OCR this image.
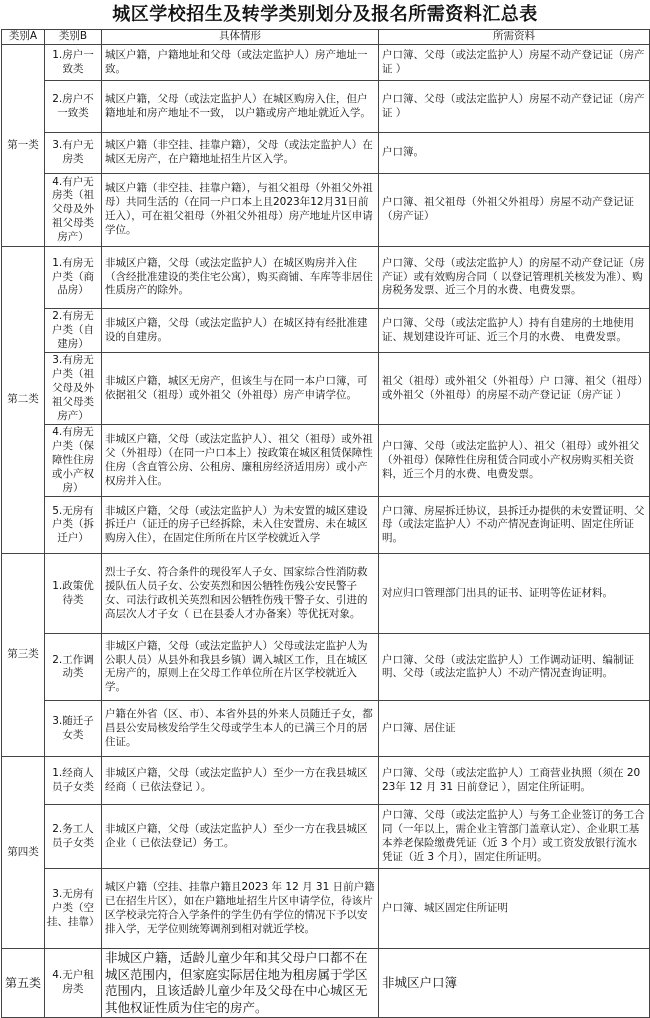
城区学校招生及转学类别划分及报名所需资料汇总表
类别A	类别B	具体情形	所需资料
第一类	1.房户一致类	城区户籍，户籍地址和父母（或法定监护人）房产地址一致。	户口簿、父母（或法定监护人）房屋不动产登记证（房产证 ）
	2.房户不一致类	城区户籍，父母（或法定监护人）在城区购房入住，但户籍地址和房产地址不一致， 以户籍或房产地址就近入学。	户口簿、父母（或法定监护人）房屋不动产登记证（房产证 ）
	3.有户无房类	城区户籍（非空挂、挂靠户籍），父母（或法定监护人）在城区无房产，在户籍地址招生片区入学。	户口簿。
	4.有户无房类（祖父母及外祖父母类房产）	城区户籍（非空挂、挂靠户籍），与祖父祖母（外祖父外祖母）共同生活的（在同一户口本上且2023年12月31日前迁入），可在祖父祖母（外祖父外祖母）房产地址片区申请学位。	户口簿、祖父祖母（外祖父外祖母）房屋不动产登记证（房产证）
第二类	1.有房无户类（商品房）	非城区户籍，父母（或法定监护人）在城区购房并入住（含经批准建设的类住宅公寓），购买商铺、车库等非居住性质房产的除外。	户口簿、父母（或法定监护人）的房屋不动产登记证（房产证）或有效购房合同（ 以登记管理机关核发为准）、购房税务发票、近三个月的水费、电费发票。
	2.有房无户类（自建房）	非城区户籍，父母（或法定监护人）在城区持有经批准建设的自建房。	户口簿、父母（或法定监护人）持有自建房的土地使用证、规划建设许可证、近三个月的水费、 电费发票。
	3.有房无户类（祖父母及外祖父母类房产）	非城区户籍，城区无房产，但该生与在同一本户口簿，可依据祖父（祖母）或外祖父（外祖母）房产申请学位。	祖父（祖母）或外祖父（外祖母）户 口簿、祖父（祖母）或外祖父（外祖母）的房屋不动产登记证（房产证 ）
	4.有房无户类（保障性住房或小产权房）	非城区户籍，父母（或法定监护人）、祖父（祖母）或外祖父（外祖母）（在同一户口本上）按政策在城区租赁保障性住房（含直管公房、公租房、廉租房经济适用房）或小产权房并入住。	户口簿、父母（或法定监护人）、祖父（祖母）或外祖父（外祖母）保障性住房租赁合同或小产权房购买相关资料，近三个月的水费、电费发票。
	5.无房有户类（拆迁户）	非城区户籍，父母（或法定监护人）为未安置的城区建设拆迁户（证迁的房子已经拆除，未入住安置房、未在城区购房入住），在固定住所所在片区学校就近入学	户口簿、房屋拆迁协议，县拆迁办提供的未安置证明、父母（或法定监护人）不动产情况查询证明、固定住所证明。
第三类	1.政策优待类	烈士子女、符合条件的现役军人子女、国家综合性消防救援队伍人员子女、公安英烈和因公牺牲伤残公安民警子女、司法行政机关英烈和因公牺牲伤残干警子女、引进的高层次人才子女（ 已在县委人才办备案）等优抚对象。	对应归口管理部门出具的证书、证明等佐证材料。
	2.工作调动类	非城区户籍，父母（或法定监护人）父母或法定监护人为公职人员）从县外和我县乡镇）调入城区工作，且在城区无房产的，原则上在父母工作单位所在片区学校就近入学。	户口簿、父母（或法定监护人）工作调动证明、编制证明、父母（或法定监护人）不动产情况查询证明。
	3.随迁子女类	户籍在外省（区、市）、本省外县的外来人员随迁子女，都昌县公安局核发给学生父母或学生本人的已满三个月的居住证。	户口簿、居住证
第四类	1.经商人员子女类	非城区户籍，父母（或法定监护人）至少一方在我县城区经商（ 已依法登记 ）。	户口簿、父母（或法定监护人）工商营业执照（须在 2023年 12 月 31 日前登记 ），固定住所证明。
	2.务工人员子女类	非城区户籍，父母（或法定监护人）至少一方在我县城区企业（ 已依法登记）务工。	户口簿、父母（或法定监护人）与务工企业签订的务工合同（一年以上，需企业主管部门盖章认定）、企业职工基本养老保险缴费凭证（近 3 个月）或工资发放银行流水凭证（近 3 个月），固定住所证明。
	3.无房有户类（空挂、挂靠）	城区户籍（空挂、挂靠户籍且2023 年 12 月 31 日前户籍已在招生片区），如在户籍地址招生片区申请学位，待该片区学校录完符合入学条件的学生仍有学位的情况下予以安排入学，无学位则统筹调剂到相对就近学校。	户口簿、城区固定住所证明
第五类	4.无户租房类	非城区户籍，适龄儿童少年和其父母户口都不在城区范围内，但家庭实际居住地为租房属于学区范围内，且该适龄儿童少年及父母在中心城区无其他权证性质为住宅的房产。	非城区户口簿
